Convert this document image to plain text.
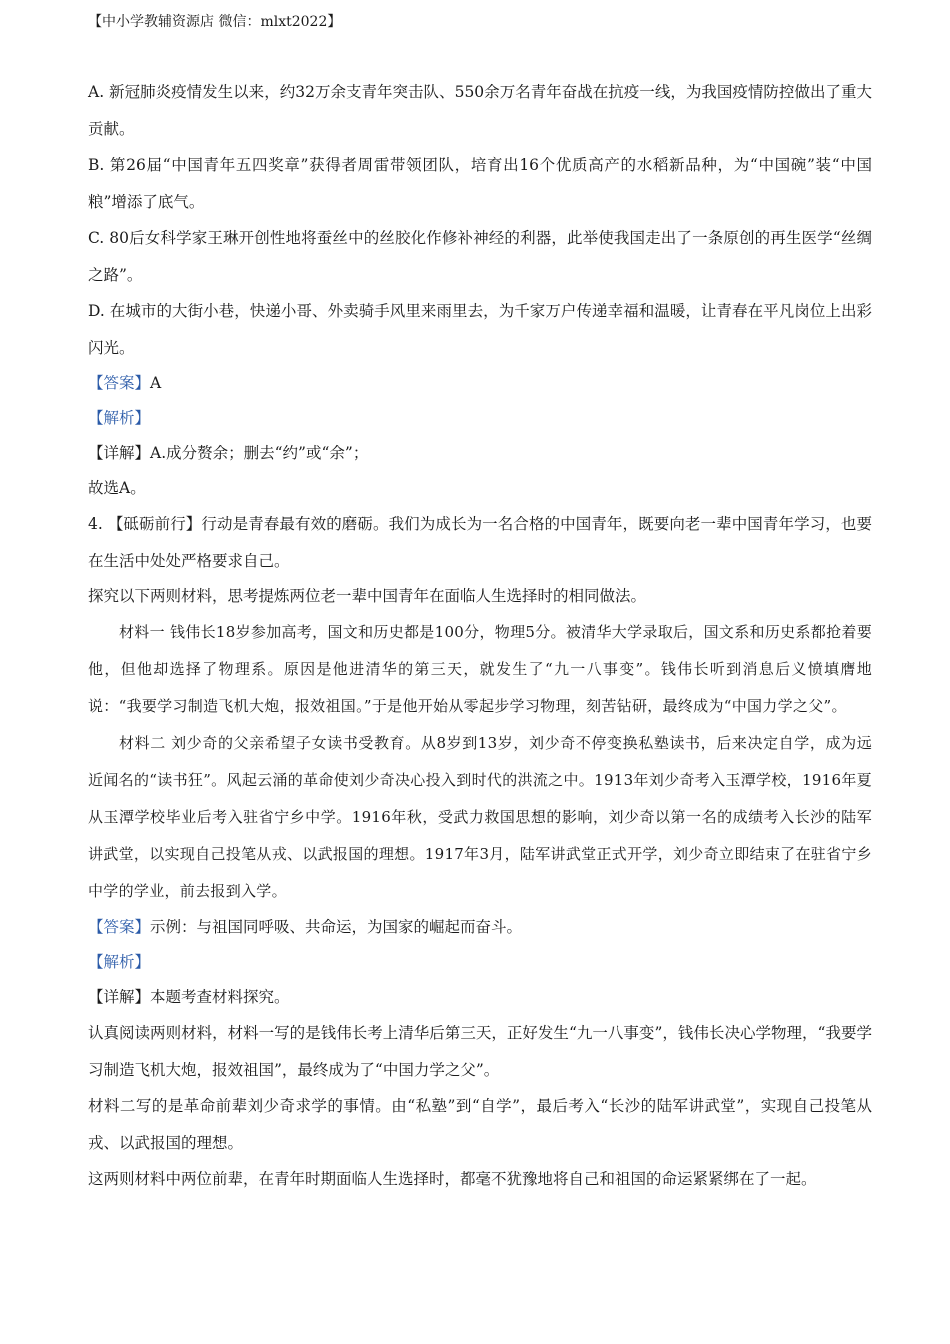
【中小学教辅资源店 微信：mlxt2022】

A. 新冠肺炎疫情发生以来，约32万余支青年突击队、550余万名青年奋战在抗疫一线，为我国疫情防控做出了重大贡献。

B. 第26届“中国青年五四奖章”获得者周雷带领团队，培育出16个优质高产的水稻新品种，为“中国碗”装“中国粮”增添了底气。

C. 80后女科学家王琳开创性地将蚕丝中的丝胶化作修补神经的利器，此举使我国走出了一条原创的再生医学“丝绸之路”。

D. 在城市的大街小巷，快递小哥、外卖骑手风里来雨里去，为千家万户传递幸福和温暖，让青春在平凡岗位上出彩闪光。

【答案】A

【解析】

【详解】A.成分赘余；删去“约”或“余”；

故选A。

4. 【砥砺前行】行动是青春最有效的磨砺。我们为成长为一名合格的中国青年，既要向老一辈中国青年学习，也要在生活中处处严格要求自己。

探究以下两则材料，思考提炼两位老一辈中国青年在面临人生选择时的相同做法。

材料一 钱伟长18岁参加高考，国文和历史都是100分，物理5分。被清华大学录取后，国文系和历史系都抢着要他，但他却选择了物理系。原因是他进清华的第三天，就发生了“九一八事变”。钱伟长听到消息后义愤填膺地说：“我要学习制造飞机大炮，报效祖国。”于是他开始从零起步学习物理，刻苦钻研，最终成为“中国力学之父”。

材料二 刘少奇的父亲希望子女读书受教育。从8岁到13岁，刘少奇不停变换私塾读书，后来决定自学，成为远近闻名的“读书狂”。风起云涌的革命使刘少奇决心投入到时代的洪流之中。1913年刘少奇考入玉潭学校，1916年夏从玉潭学校毕业后考入驻省宁乡中学。1916年秋，受武力救国思想的影响，刘少奇以第一名的成绩考入长沙的陆军讲武堂，以实现自己投笔从戎、以武报国的理想。1917年3月，陆军讲武堂正式开学，刘少奇立即结束了在驻省宁乡中学的学业，前去报到入学。

【答案】示例：与祖国同呼吸、共命运，为国家的崛起而奋斗。

【解析】

【详解】本题考查材料探究。

认真阅读两则材料，材料一写的是钱伟长考上清华后第三天，正好发生“九一八事变”，钱伟长决心学物理，“我要学习制造飞机大炮，报效祖国”，最终成为了“中国力学之父”。

材料二写的是革命前辈刘少奇求学的事情。由“私塾”到“自学”，最后考入“长沙的陆军讲武堂”，实现自己投笔从戎、以武报国的理想。

这两则材料中两位前辈，在青年时期面临人生选择时，都毫不犹豫地将自己和祖国的命运紧紧绑在了一起。
